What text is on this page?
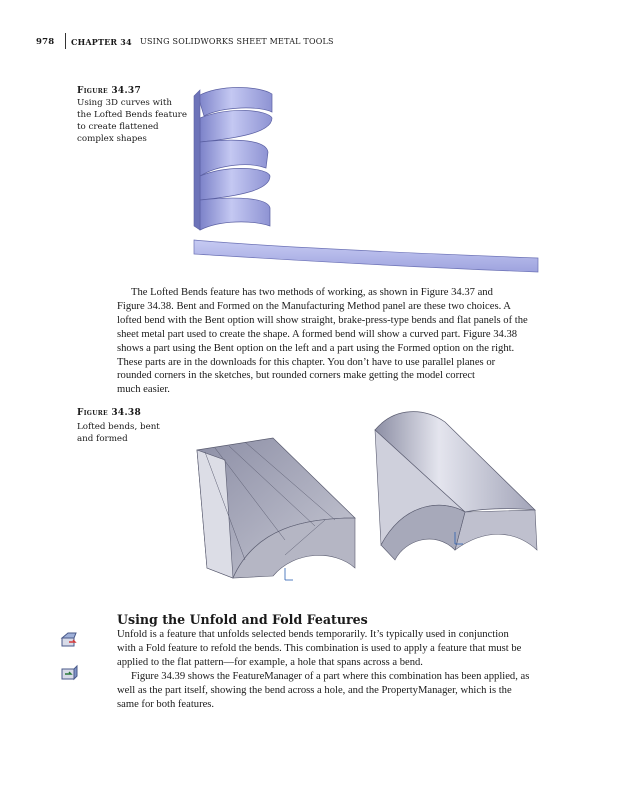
978 CHAPTER 34 USING SOLIDWORKS SHEET METAL TOOLS
Figure 34.37
Using 3D curves with
the Lofted Bends feature
to create flattened
complex shapes
The Lofted Bends feature has two methods of working, as shown in Figure 34.37 and
Figure 34.38. Bent and Formed on the Manufacturing Method panel are these two choices. A
lofted bend with the Bent option will show straight, brake-press-type bends and flat panels of the
sheet metal part used to create the shape. A formed bend will show a curved part. Figure 34.38
shows a part using the Bent option on the left and a part using the Formed option on the right.
These parts are in the downloads for this chapter. You don’t have to use parallel planes or
rounded corners in the sketches, but rounded corners make getting the model correct
much easier.
Figure 34.38
Lofted bends, bent
and formed
Using the Unfold and Fold Features
Unfold is a feature that unfolds selected bends temporarily. It’s typically used in conjunction
with a Fold feature to refold the bends. This combination is used to apply a feature that must be
applied to the flat pattern—for example, a hole that spans across a bend.
Figure 34.39 shows the FeatureManager of a part where this combination has been applied, as
well as the part itself, showing the bend across a hole, and the PropertyManager, which is the
same for both features.
